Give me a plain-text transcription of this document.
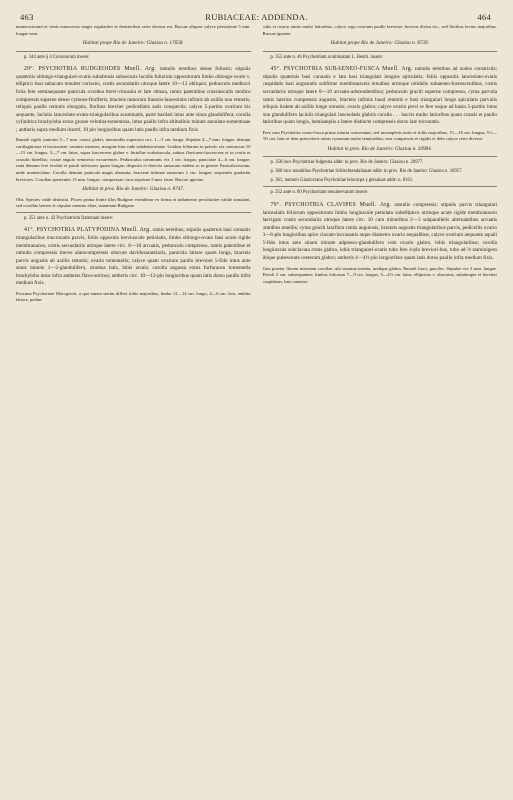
463	RUBIACEAE: ADDENDA.	464
numerosissimi et venis transversis magis regulariter et densioribus serie diversa est. Baccae aliquae calyce persistente 5 mm. longae sunt.
Habitat prope Rio de Janeiro: Glaziou n. 17658.
p. 344 ante § 4 Corossorum insere:
29°. PSYCHOTRIA RUDGEOIDES Muell. Arg. ramulis teretibus dense foliosis; stipulis quaternis oblongo-triangulari-ovatis subobtusis suboscuris lucidis foliorum oppositorum limbo oblongo-ovato v. elliptico basi subacuto tenuiter coriaceo, costis secundariis utroque latere 10—12 obliquis; pedunculo mediocri folia fere semiaequante panicula ovoidea brevi-vinosula et late obtusa, ramis patentibus crassiusculis modice compressis superne dense cymoso-floriferis, bracteis ramorum linearis-lanceolatis infimis ab axillis non remotis, reliquis paullo remotis elongatis, floribus breviter pedicellatis satis conspectis; calyce 5-partito ovarium bis aequante, laciniis lanceolato-ovato-triangularibus acuminatis, parte basilari intus ante sinus glandulifera; corolla cylindrica brachyloba extus grosse velutina-tomentosa, intus paullo infra altitudinis minute annulato-tomentosae ; antheris supra medium inserti, 10 plo longioribus quam latis paullo infra medium fixis.
Ramuli rigidi, juniores 5—7 mm. crassi, glabri, internodiis superiora circ. 1—5 cm. longa. Stipulae 4—7 mm. longae, demum cartilaginosae et incrassatae, omnino inermes, margine hinc inde subdenticulatae. Limbus foliorum in petiolo vix contractus 10—15 cm. longus, 5—7 cm. latus, supra fuscescens glaber v. hirtellus scabriuscula, subtus flavicans-fuscescens et in costis et costulis hirtellus; costae angulo semirecto excurrentes. Pedunculus communis vix 1 cm. longus; paniculae 4—6 cm. longae; rami demum fere evoluti et patuli inferiores quam longae; dispositi et directio ramorum eadem ac in genere Paniculaceorum, unde nomenclatur. Corolla demum panicula magis obtusata; bracteae infimae ramorum 1 cm. longae; sequentes gradatim breviores. Corollae aperientes 15 mm. longae, compressae circa sepoium 5 mm. latae. Baccae ignotae.
Habitat in prov. Rio de Janeiro: Glaziou n. 8747.
Obs. Species valde distincta. Flores prima fronte illos Rudgeae eriantheae ex forma et indumento peculiariter valide simulant, sed corollae lateres et stipulae omnino aliae, staminum Rudgeae.
p. 351 ante n. 42 Psychotrium fraternam insere:
41°. PSYCHOTRIA PLATYPODINA Muell. Arg. ramis teretibus; stipulis quaternis basi connatis triangularibus mucronatis parvis, foliis oppositis breviuscule petiolatis, limbo oblongo-ovato basi acuto rigide membranaceo, costis secundariis utroque latere circ. 8—10 arcuatis, pedunculo compresso, ramis patentibus et ramulis compressis imove alatocompressis obscure davidosarantiacis, panicula latiore quam longa, bracteis parvis angustis ab axillis remotis; ovario tomentello; calyce quam ovarium paullo breviore 5-fido intus ante sinus minute 1—2-glandulifero, sinubus latis, lobis acutis; corolla angusta extus furfuraceo tomentella brachyloba intus infra antheras flavo-sericea; antheris circ. 10—12-plo longioribus quam latis dorso paullo infra medium fixis.
Proxima Psychotriae Marcgravii, a qua tamen statim differt foliis majoribus, limbo 12—14 cm. longo, 4—6 cm. lato, ambitu latiore, pedun-
culis et ovario ramis multo latioribus, calyce ergo ovarium paullo breviore, brevius divisa etc., sed floribus levius majoribus. Baccae ignotae.
Habitat prope Rio de Janeiro: Glaziou n. 8739.
p. 355 ante n. 46 Psychotriam acuminatam L. Benth. insere:
45°. PSYCHOTRIA SUBAENEO-FUSCA Muell. Arg. ramulis teretibus ad nodos constrictis; stipulis quaternis basi connatis e lata basi triangulari longius apiculatis; foliis oppositis lanceolato-ovatis cuspidatis basi angustatis subfirme membranaceis tenuibus utrinque nitidulis subaeneo-fuscescentibus, costis secundariis utroque latere 8—10 arcuato-adscendentibus; pedunculo gracili superne compresso, cyma parvula ramis laterius compressis augustis, bracteis infimis haud remotis e basi triangulari longe apiculatis parvulis reliquis iisdem ab axillis longe remotis; ovario glabro; calyce ovario previ te fere usque ad basin 5-partito intus non glandulifero laciniis triangulari lanceolatis glabris corolla . . . baccis multo latioribus quam crassis et paullo latioribus quam longis, hemisaepiis a latere distincte compressis dorso late tricostatis.
Fere cum Psychotria coeno-fusca primo intuitu conveniunt, sed incompletis notis et foliis majoribus, 15—16 cm. longus, 5½—5⅔ cm. latis et dein praeceteris ramis cymarum multo tenuioribus, non compressis et rigidis et dein calyce certe diversa.
Habitat in prov. Rio de Janeiro: Glaziou n. 20984.
p. 358 loco Psychotriae fulgentia adde: in prov. Rio de Janeiro: Glaziou n. 20977.
p. 360 loco notabilius Psychotriae Schlechtendalianae adde: in prov. Rio de Janeiro: Glaziou n. 10957.
p. 361, numero Glaziovianu Psychotriae leiocarpa γ genuinae adde: n. 8161.
p. 252 ante n. 80 Psychotriam tenuinervatum insere:
79°. PSYCHOTRIA CLAVIPES Muell. Arg. ramulis compressis; stipulis parvis triangulari lanceolatis foliorum oppositorum limbo longiuscule petiolato subelliptico utrinque acute rigide membranaceo laevigato costis secundariis utroque latere circ. 10 cum minoribus 2—3 subparallelis alternantibus arcuatis omnibus tenellis; cyma gracili laxiflora ramis angulosis, bracteis augustis triangularibus parvis, pedicellis ovario 3—6-plo longioribus apice clavato-incrassatis atque diametro ovario aequalibus; calyce ovarium aequante aquali 5-fido intus ante sinum minute adpresso-glandulifero cum ovario glabro, lobis triangularibus; corolla longiuscula subclavata extus glabra, lobis triangulari-ovatis tubo fere 4-plo breviori-bus, tubo ad ⅔ staminigero ibique pubescente ceeterum glabro; antheris 4—4½-plo longioribus quam latis dorso paullo infra medium fixis.
Tota praeter florem internam corollae, ubi stamina inserta, undique glabra. Rameli fusci, graciles. Stipulae vix 3 mm. longae. Petioli 2 cm. subsequantes; limbus foliorum 7—9 cm. longus, 3—4½ cm. latus, ellipticus v. obovatus, subabrupte et breviter cuspidatus, basi cuneato-
